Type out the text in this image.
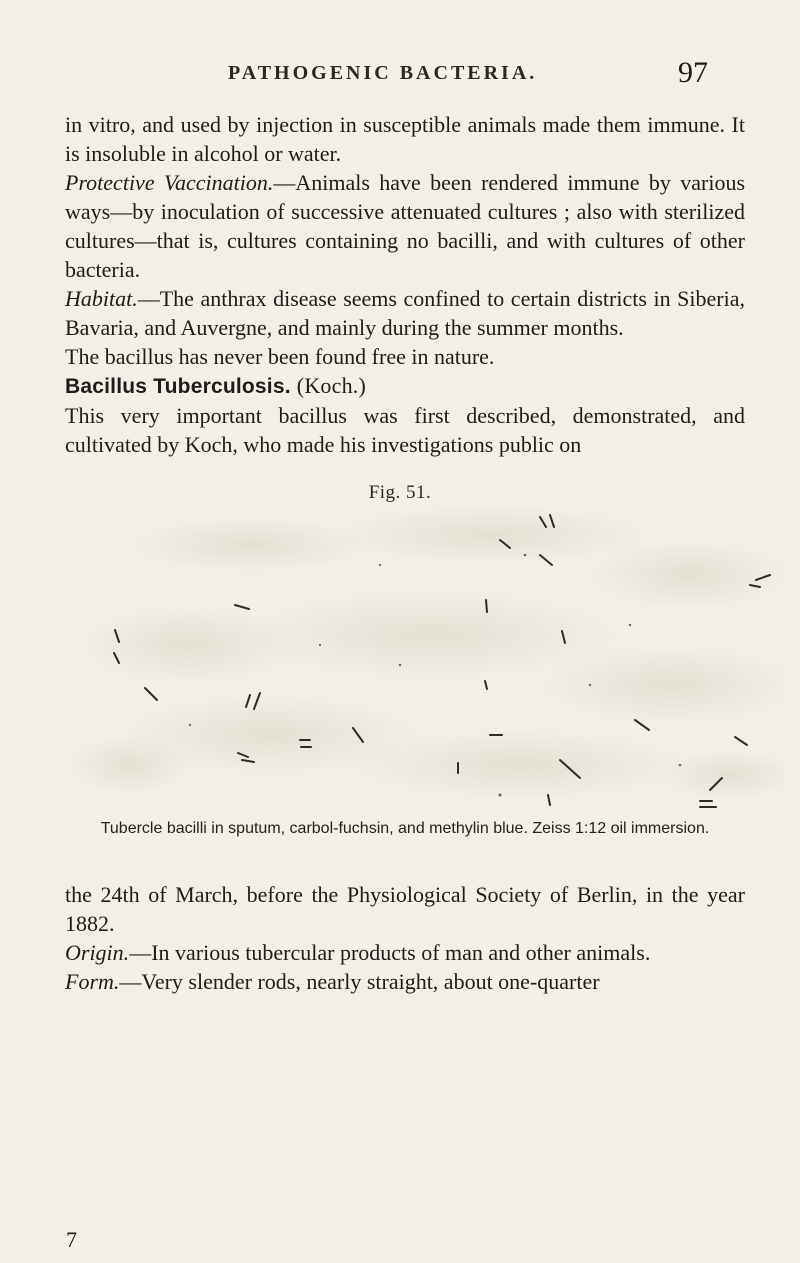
PATHOGENIC BACTERIA.	97

in vitro, and used by injection in susceptible animals made them immune. It is insoluble in alcohol or water.

Protective Vaccination.—Animals have been rendered immune by various ways—by inoculation of successive attenuated cultures ; also with sterilized cultures—that is, cultures containing no bacilli, and with cultures of other bacteria.

Habitat.—The anthrax disease seems confined to certain districts in Siberia, Bavaria, and Auvergne, and mainly during the summer months.

The bacillus has never been found free in nature.

Bacillus Tuberculosis. (Koch.)

This very important bacillus was first described, demonstrated, and cultivated by Koch, who made his investigations public on

Fig. 51.
Tubercle bacilli in sputum, carbol-fuchsin, and methylin blue. Zeiss 1:12 oil immersion.

the 24th of March, before the Physiological Society of Berlin, in the year 1882.

Origin.—In various tubercular products of man and other animals.

Form.—Very slender rods, nearly straight, about one-quarter

7
